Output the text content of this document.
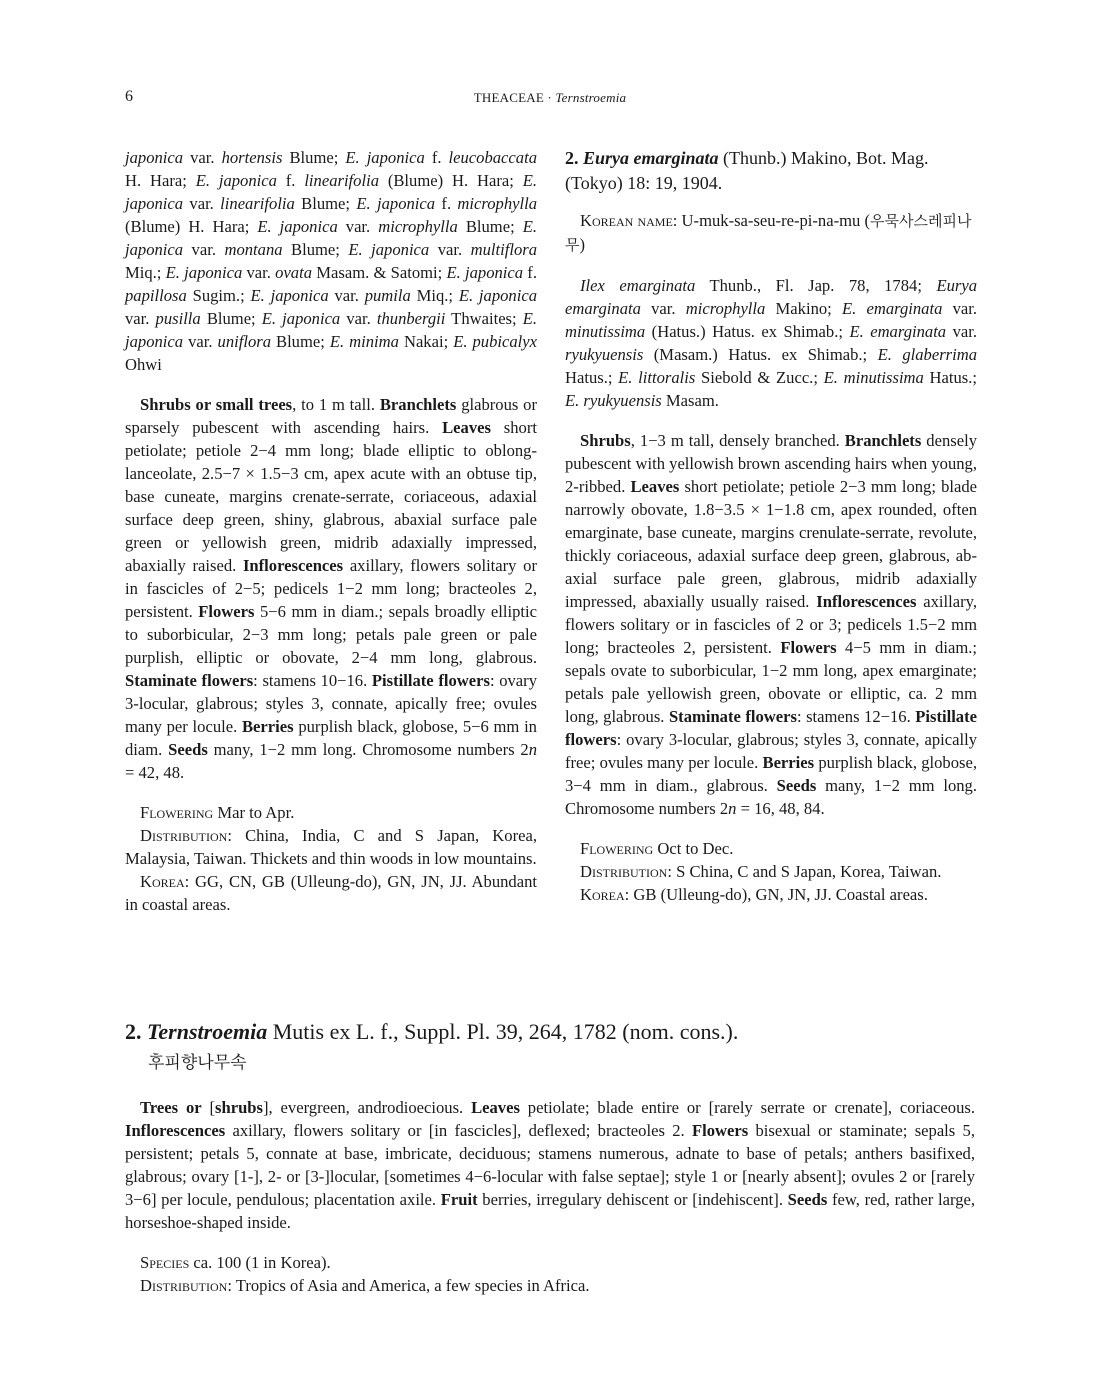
6	THEACEAE · Ternstroemia

japonica var. hortensis Blume; E. japonica f. leucobaccata H. Hara; E. japonica f. linearifolia (Blume) H. Hara; E. japonica var. linearifolia Blume; E. japonica f. microphylla (Blume) H. Hara; E. japonica var. microphylla Blume; E. japonica var. montana Blume; E. japonica var. multiflora Miq.; E. japonica var. ovata Masam. & Satomi; E. japonica f. papillosa Sugim.; E. japonica var. pumila Miq.; E. japonica var. pusilla Blume; E. japonica var. thunbergii Thwaites; E. japonica var. uniflora Blume; E. minima Nakai; E. pubicalyx Ohwi

Shrubs or small trees, to 1 m tall. Branchlets glabrous or sparsely pubescent with ascending hairs. Leaves short petiolate; petiole 2−4 mm long; blade elliptic to oblong-lanceolate, 2.5−7 × 1.5−3 cm, apex acute with an obtuse tip, base cuneate, margins crenate-serrate, coriaceous, adaxial surface deep green, shiny, glabrous, abaxial surface pale green or yellowish green, midrib adaxially impressed, abaxially raised. Inflorescences axillary, flowers solitary or in fascicles of 2−5; pedicels 1−2 mm long; bracteoles 2, persistent. Flowers 5−6 mm in diam.; sepals broadly elliptic to suborbicular, 2−3 mm long; petals pale green or pale purplish, elliptic or obovate, 2−4 mm long, glabrous. Staminate flowers: stamens 10−16. Pistillate flowers: ovary 3-locular, glabrous; styles 3, connate, apically free; ovules many per locule. Berries purplish black, globose, 5−6 mm in diam. Seeds many, 1−2 mm long. Chromosome numbers 2n = 42, 48.

Flowering Mar to Apr.

Distribution: China, India, C and S Japan, Korea, Malaysia, Taiwan. Thickets and thin woods in low mountains.

Korea: GG, CN, GB (Ulleung-do), GN, JN, JJ. Abundant in coastal areas.

2. Eurya emarginata (Thunb.) Makino, Bot. Mag. (Tokyo) 18: 19, 1904.

Korean name: U-muk-sa-seu-re-pi-na-mu (우묵사스레피나무)

Ilex emarginata Thunb., Fl. Jap. 78, 1784; Eurya emarginata var. microphylla Makino; E. emarginata var. minutissima (Hatus.) Hatus. ex Shimab.; E. emarginata var. ryukyuensis (Masam.) Hatus. ex Shimab.; E. glaberrima Hatus.; E. littoralis Siebold & Zucc.; E. minutissima Hatus.; E. ryukyuensis Masam.

Shrubs, 1−3 m tall, densely branched. Branchlets densely pubescent with yellowish brown ascending hairs when young, 2-ribbed. Leaves short petiolate; petiole 2−3 mm long; blade narrowly obovate, 1.8−3.5 × 1−1.8 cm, apex rounded, often emarginate, base cuneate, margins crenulate-serrate, revolute, thickly coriaceous, adaxial surface deep green, glabrous, abaxial surface pale green, glabrous, midrib adaxially impressed, abaxially usually raised. Inflorescences axillary, flowers solitary or in fascicles of 2 or 3; pedicels 1.5−2 mm long; bracteoles 2, persistent. Flowers 4−5 mm in diam.; sepals ovate to suborbicular, 1−2 mm long, apex emarginate; petals pale yellowish green, obovate or elliptic, ca. 2 mm long, glabrous. Staminate flowers: stamens 12−16. Pistillate flowers: ovary 3-locular, glabrous; styles 3, connate, apically free; ovules many per locule. Berries purplish black, globose, 3−4 mm in diam., glabrous. Seeds many, 1−2 mm long. Chromosome numbers 2n = 16, 48, 84.

Flowering Oct to Dec.

Distribution: S China, C and S Japan, Korea, Taiwan.

Korea: GB (Ulleung-do), GN, JN, JJ. Coastal areas.

2. Ternstroemia Mutis ex L. f., Suppl. Pl. 39, 264, 1782 (nom. cons.).

후피향나무속

Trees or [shrubs], evergreen, androdioecious. Leaves petiolate; blade entire or [rarely serrate or crenate], coriaceous. Inflorescences axillary, flowers solitary or [in fascicles], deflexed; bracteoles 2. Flowers bisexual or staminate; sepals 5, persistent; petals 5, connate at base, imbricate, deciduous; stamens numerous, adnate to base of petals; anthers basifixed, glabrous; ovary [1-], 2- or [3-]locular, [sometimes 4−6-locular with false septae]; style 1 or [nearly absent]; ovules 2 or [rarely 3−6] per locule, pendulous; placentation axile. Fruit berries, irregulary dehiscent or [indehiscent]. Seeds few, red, rather large, horseshoe-shaped inside.

Species ca. 100 (1 in Korea).

Distribution: Tropics of Asia and America, a few species in Africa.
